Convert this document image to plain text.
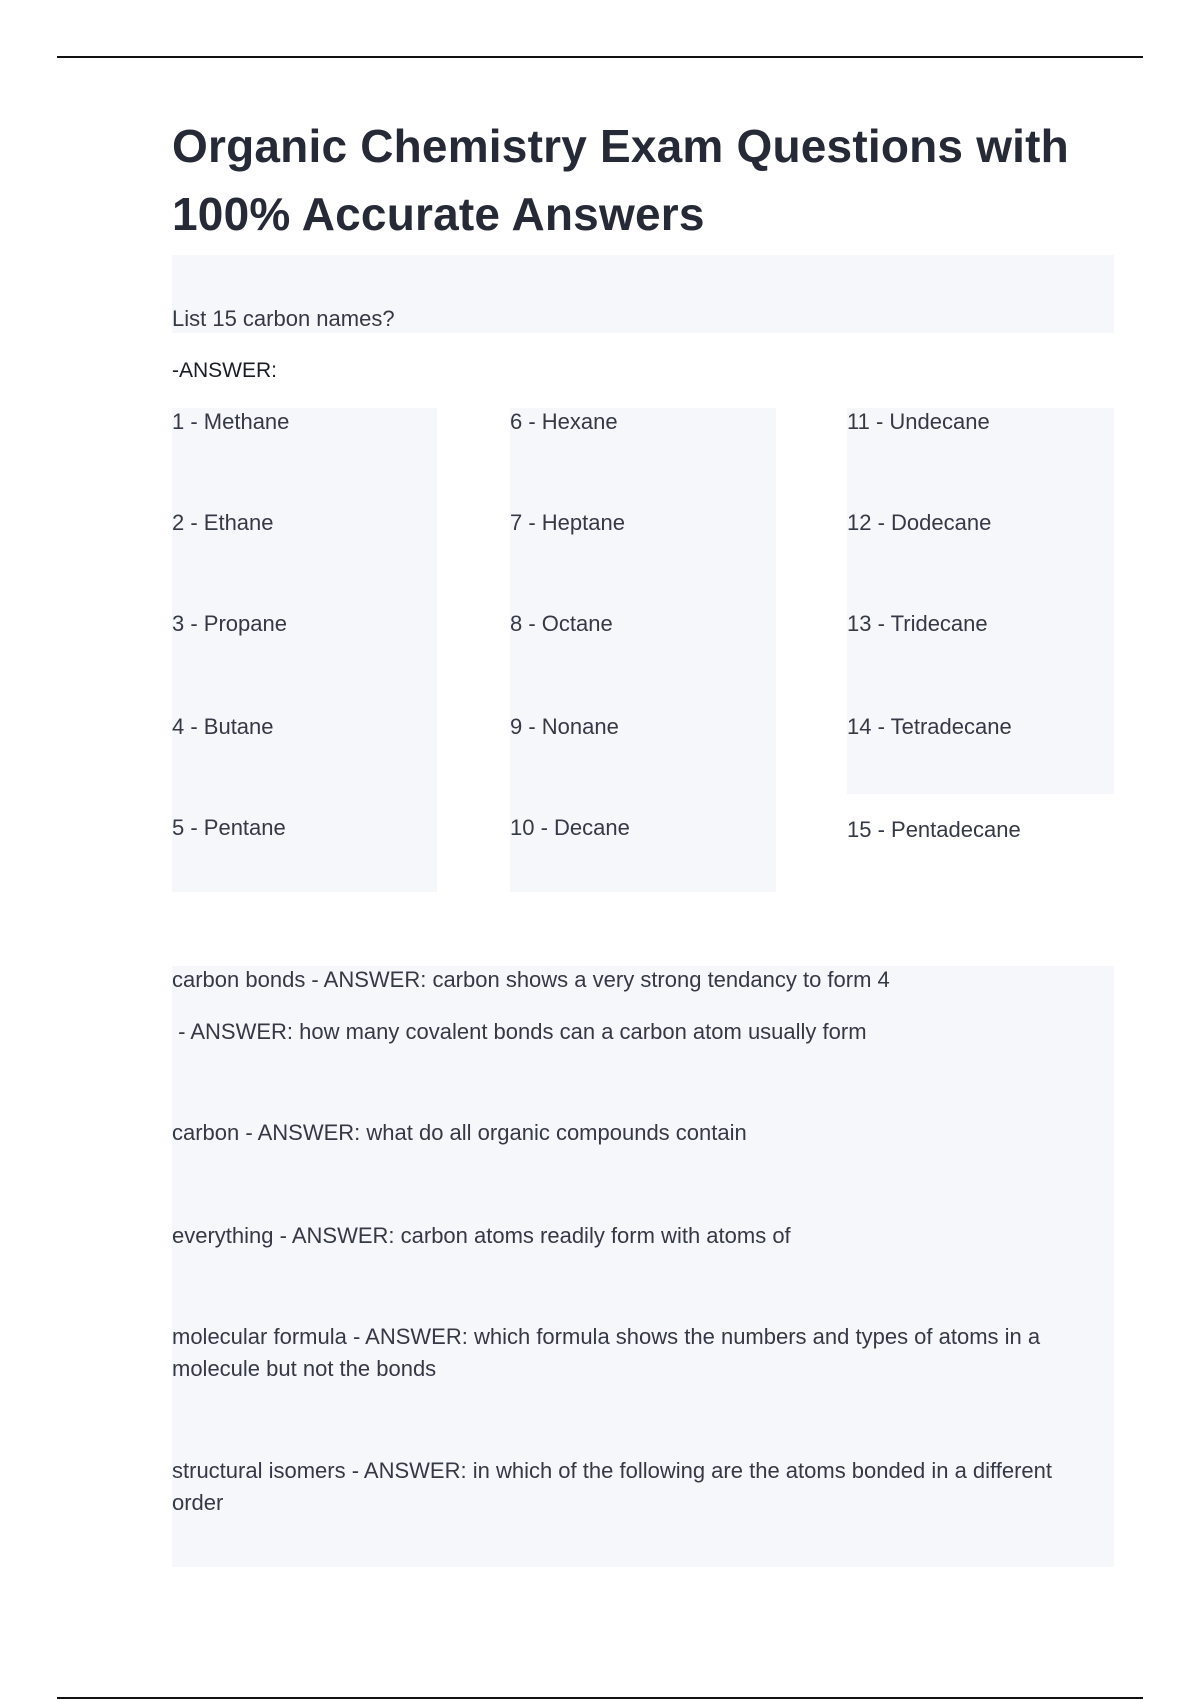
Organic Chemistry Exam Questions with 100% Accurate Answers
List 15 carbon names?
-ANSWER:
1 - Methane
2 - Ethane
3 - Propane
4 - Butane
5 - Pentane
6 - Hexane
7 - Heptane
8 - Octane
9 - Nonane
10 - Decane
11 - Undecane
12 - Dodecane
13 - Tridecane
14 - Tetradecane
15 - Pentadecane
carbon bonds - ANSWER: carbon shows a very strong tendancy to form 4
- ANSWER: how many covalent bonds can a carbon atom usually form
carbon - ANSWER: what do all organic compounds contain
everything - ANSWER: carbon atoms readily form with atoms of
molecular formula - ANSWER: which formula shows the numbers and types of atoms in a molecule but not the bonds
structural isomers - ANSWER: in which of the following are the atoms bonded in a different order
